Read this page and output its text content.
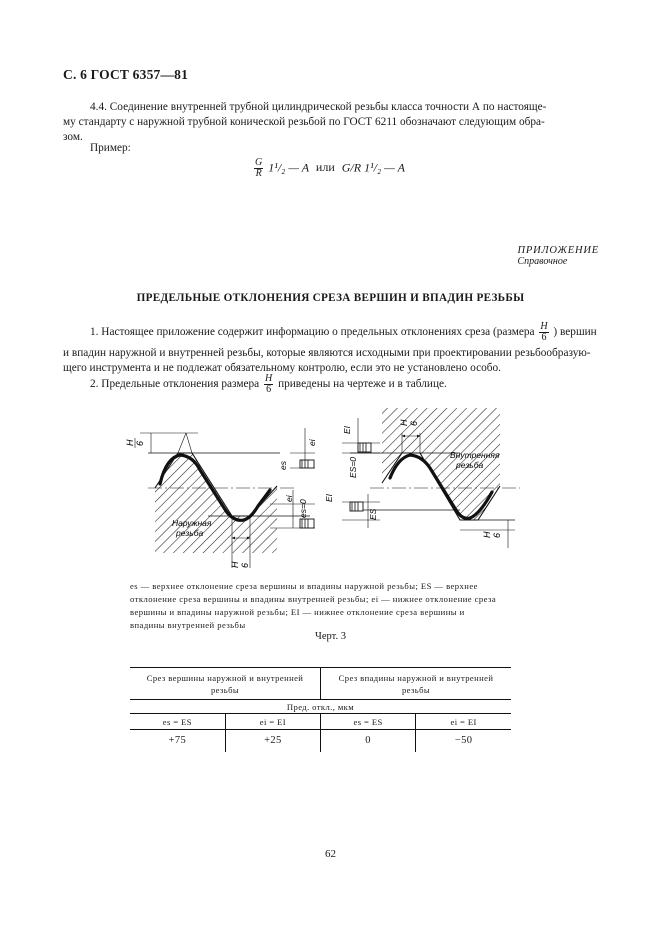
С. 6 ГОСТ 6357—81
4.4. Соединение внутренней трубной цилиндрической резьбы класса точности А по настояще-
му стандарту с наружной трубной конической резьбой по ГОСТ 6211 обозначают следующим обра-
зом.
Пример:
$\frac{G}{R} 1^1/_2$ — A или G/R 1¹/₂ — A
ПРИЛОЖЕНИЕ
Справочное
ПРЕДЕЛЬНЫЕ ОТКЛОНЕНИЯ СРЕЗА ВЕРШИН И ВПАДИН РЕЗЬБЫ
1. Настоящее приложение содержит информацию о предельных отклонениях среза (размера $\frac{H}{6}$ ) вершин
и впадин наружной и внутренней резьбы, которые являются исходными при проектировании резьбообразую-
щего инструмента и не подлежат обязательному контролю, если это не установлено особо.
2. Предельные отклонения размера $\frac{H}{6}$ приведены на чертеже и в таблице.
H 6
H 6
Наружная
резьба
es
ei
ei
es=0
H 6
H 6
Внутренняя
резьба
EI
ES=0
EI
ES
es — верхнее отклонение среза вершины и впадины наружной резьбы; ES — верхнее
отклонение среза вершины и впадины внутренней резьбы; ei — нижнее отклонение среза
вершины и впадины наружной резьбы; EI — нижнее отклонение среза вершины и
впадины внутренней резьбы
Черт. 3
Срез вершины наружной и внутренней резьбы		Срез впадины наружной и внутренней резьбы	
Пред. откл., мкм			
es = ES	ei = EI	es = ES	ei = EI
+75	+25	0	−50
62
